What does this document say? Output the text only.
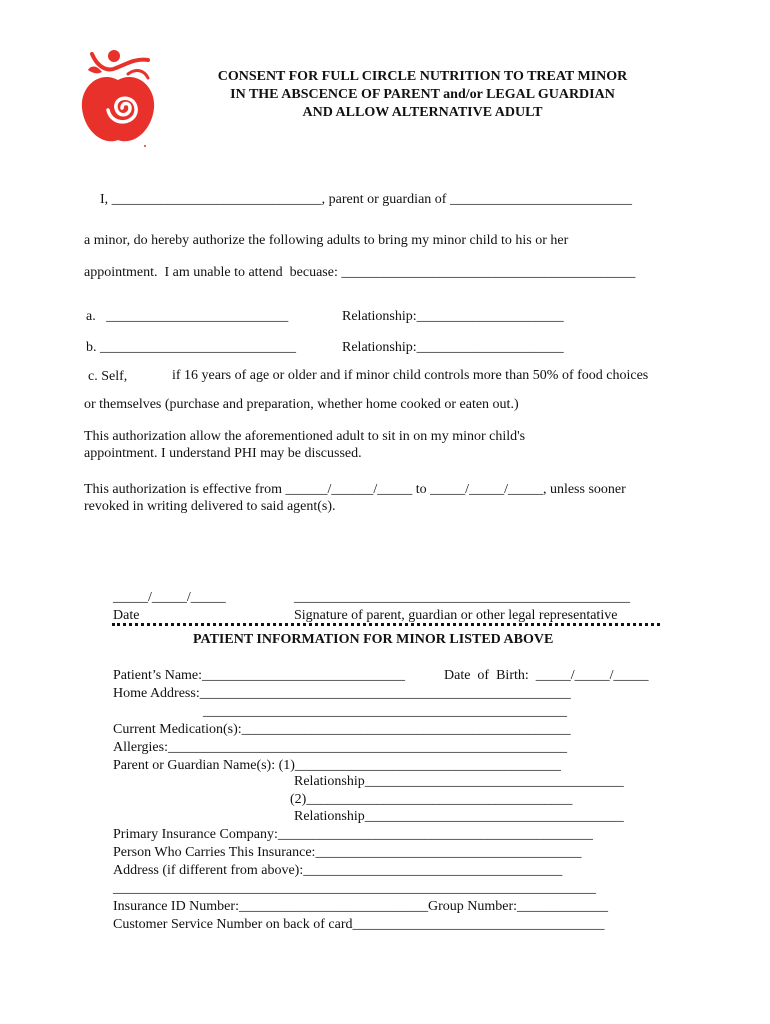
CONSENT FOR FULL CIRCLE NUTRITION TO TREAT MINOR
IN THE ABSCENCE OF PARENT and/or LEGAL GUARDIAN
AND ALLOW ALTERNATIVE ADULT
I, ______________________________, parent or guardian of __________________________
a minor, do hereby authorize the following adults to bring my minor child to his or her
appointment.  I am unable to attend  becuase: __________________________________________
a.   __________________________	Relationship:_____________________
b. ____________________________	Relationship:_____________________
c. Self,	if 16 years of age or older and if minor child controls more than 50% of food choices
or themselves (purchase and preparation, whether home cooked or eaten out.)
This authorization allow the aforementioned adult to sit in on my minor child's
appointment. I understand PHI may be discussed.
This authorization is effective from ______/______/_____ to _____/_____/_____, unless sooner
revoked in writing delivered to said agent(s).
_____/_____/_____
Date
________________________________________________
Signature of parent, guardian or other legal representative
PATIENT INFORMATION FOR MINOR LISTED ABOVE
Patient’s Name:_____________________________	Date  of  Birth:  _____/_____/_____
Home Address:_____________________________________________________
____________________________________________________
Current Medication(s):_______________________________________________
Allergies:_________________________________________________________
Parent or Guardian Name(s): (1)______________________________________
Relationship_____________________________________
(2)______________________________________
Relationship_____________________________________
Primary Insurance Company:_____________________________________________
Person Who Carries This Insurance:______________________________________
Address (if different from above):_____________________________________
_____________________________________________________________________
Insurance ID Number:___________________________Group Number:_____________
Customer Service Number on back of card____________________________________
